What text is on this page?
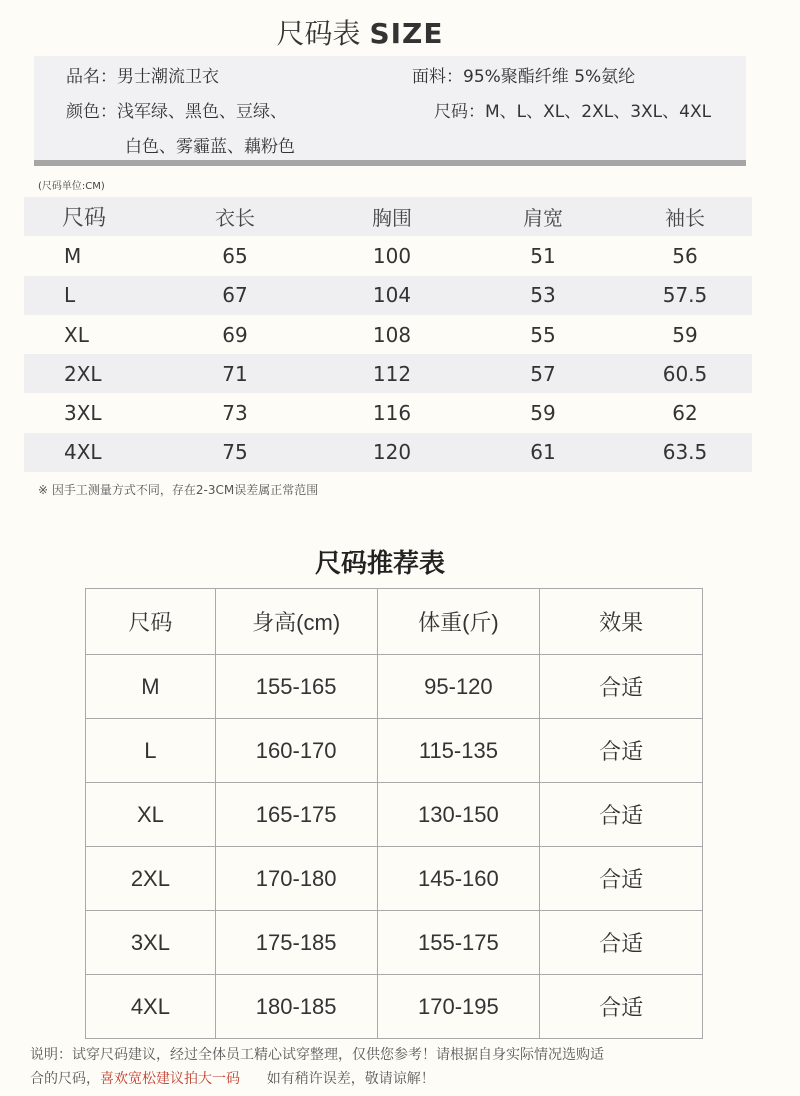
尺码表 SIZE
品名：男士潮流卫衣	面料：95%聚酯纤维 5%氨纶
颜色：浅军绿、黑色、豆绿、	尺码：M、L、XL、2XL、3XL、4XL
白色、雾霾蓝、藕粉色
(尺码单位:CM)
尺码	衣长	胸围	肩宽	袖长
M	65	100	51	56
L	67	104	53	57.5
XL	69	108	55	59
2XL	71	112	57	60.5
3XL	73	116	59	62
4XL	75	120	61	63.5
※ 因手工测量方式不同，存在2-3CM误差属正常范围
尺码推荐表
尺码	身高(cm)	体重(斤)	效果
M	155-165	95-120	合适
L	160-170	115-135	合适
XL	165-175	130-150	合适
2XL	170-180	145-160	合适
3XL	175-185	155-175	合适
4XL	180-185	170-195	合适
说明：试穿尺码建议，经过全体员工精心试穿整理，仅供您参考！请根据自身实际情况选购适
合的尺码，喜欢宽松建议拍大一码      如有稍许误差，敬请谅解！
